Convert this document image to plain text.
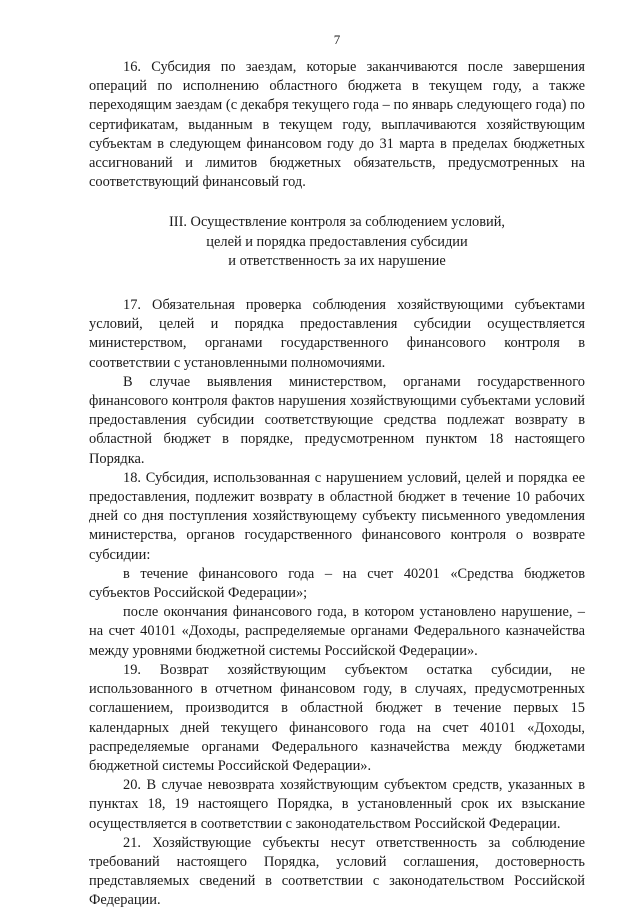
7

16. Субсидия по заездам, которые заканчиваются после завершения операций по исполнению областного бюджета в текущем году, а также переходящим заездам (с декабря текущего года – по январь следующего года) по сертификатам, выданным в текущем году, выплачиваются хозяйствующим субъектам в следующем финансовом году до 31 марта в пределах бюджетных ассигнований и лимитов бюджетных обязательств, предусмотренных на соответствующий финансовый год.

III. Осуществление контроля за соблюдением условий,
целей и порядка предоставления субсидии
и ответственность за их нарушение

17. Обязательная проверка соблюдения хозяйствующими субъектами условий, целей и порядка предоставления субсидии осуществляется министерством, органами государственного финансового контроля в соответствии с установленными полномочиями.

В случае выявления министерством, органами государственного финансового контроля фактов нарушения хозяйствующими субъектами условий предоставления субсидии соответствующие средства подлежат возврату в областной бюджет в порядке, предусмотренном пунктом 18 настоящего Порядка.

18. Субсидия, использованная с нарушением условий, целей и порядка ее предоставления, подлежит возврату в областной бюджет в течение 10 рабочих дней со дня поступления хозяйствующему субъекту письменного уведомления министерства, органов государственного финансового контроля о возврате субсидии:

в течение финансового года – на счет 40201 «Средства бюджетов субъектов Российской Федерации»;

после окончания финансового года, в котором установлено нарушение, – на счет 40101 «Доходы, распределяемые органами Федерального казначейства между уровнями бюджетной системы Российской Федерации».

19. Возврат хозяйствующим субъектом остатка субсидии, не использованного в отчетном финансовом году, в случаях, предусмотренных соглашением, производится в областной бюджет в течение первых 15 календарных дней текущего финансового года на счет 40101 «Доходы, распределяемые органами Федерального казначейства между бюджетами бюджетной системы Российской Федерации».

20. В случае невозврата хозяйствующим субъектом средств, указанных в пунктах 18, 19 настоящего Порядка, в установленный срок их взыскание осуществляется в соответствии с законодательством Российской Федерации.

21. Хозяйствующие субъекты несут ответственность за соблюдение требований настоящего Порядка, условий соглашения, достоверность представляемых сведений в соответствии с законодательством Российской Федерации.
